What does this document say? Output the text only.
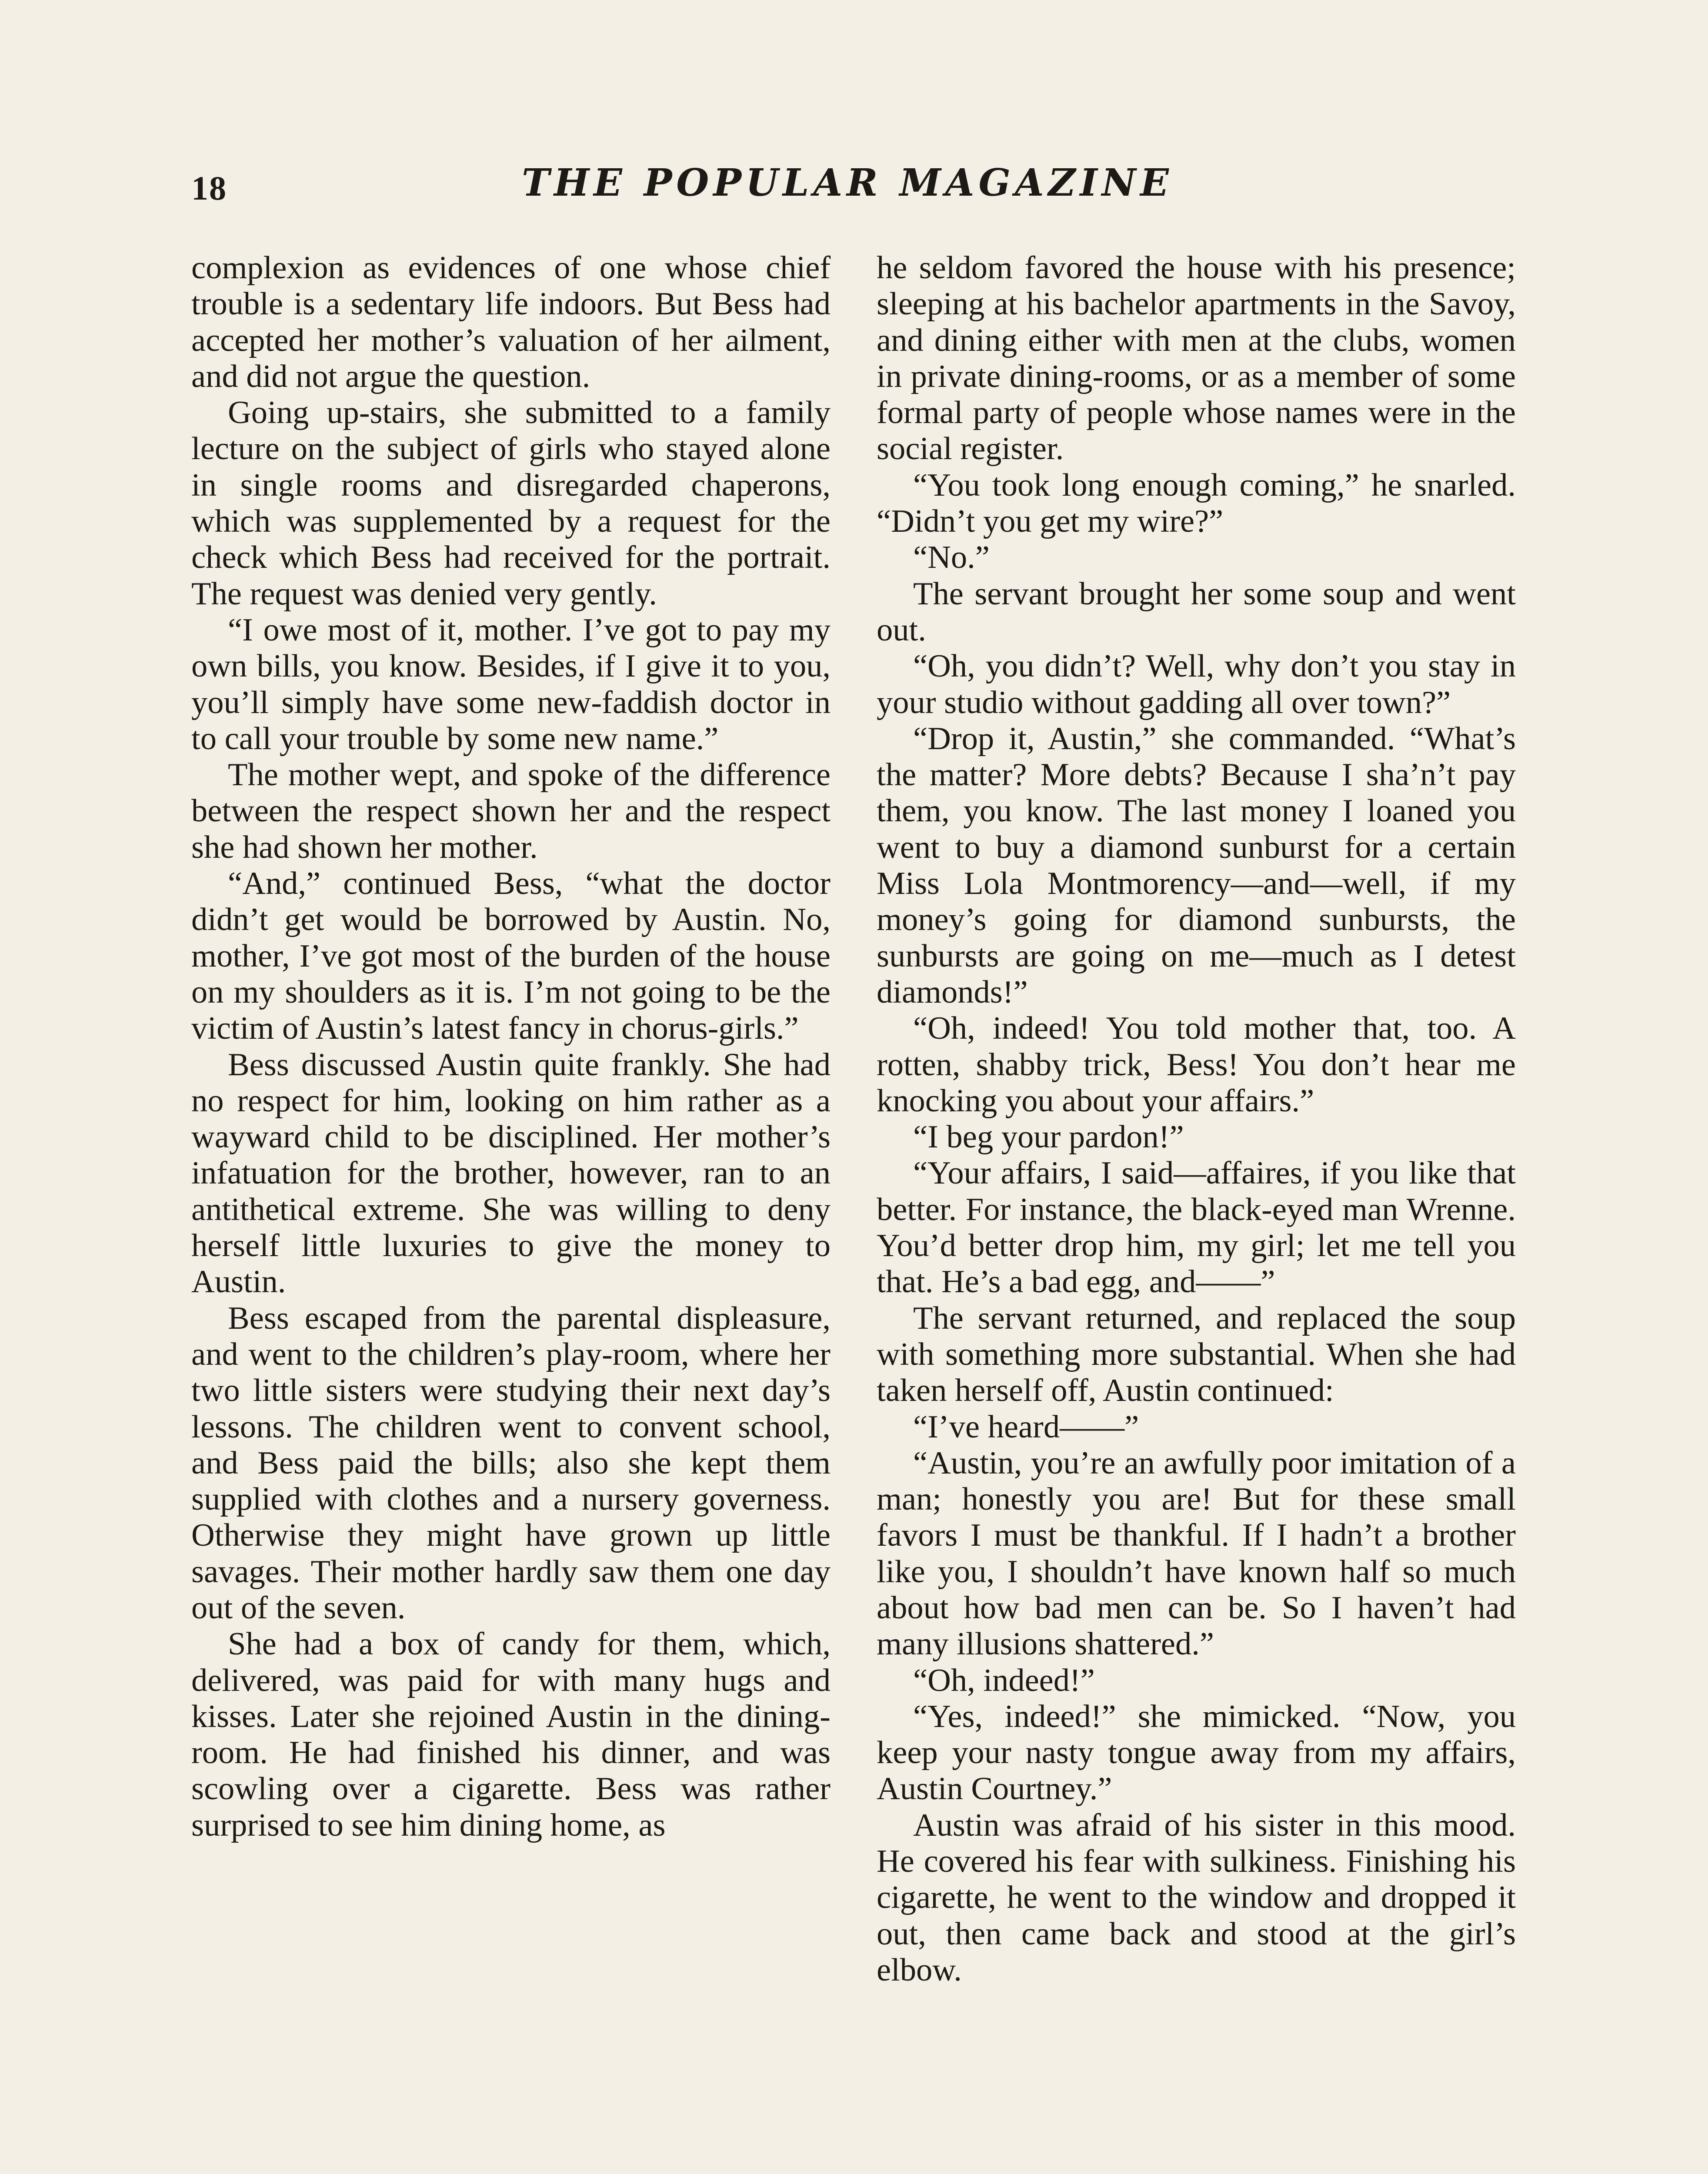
18	THE POPULAR MAGAZINE

complexion as evidences of one whose chief trouble is a sedentary life indoors. But Bess had accepted her mother’s valuation of her ailment, and did not argue the question.

Going up-stairs, she submitted to a family lecture on the subject of girls who stayed alone in single rooms and disregarded chaperons, which was supplemented by a request for the check which Bess had received for the portrait. The request was denied very gently.

“I owe most of it, mother. I’ve got to pay my own bills, you know. Besides, if I give it to you, you’ll simply have some new-faddish doctor in to call your trouble by some new name.”

The mother wept, and spoke of the difference between the respect shown her and the respect she had shown her mother.

“And,” continued Bess, “what the doctor didn’t get would be borrowed by Austin. No, mother, I’ve got most of the burden of the house on my shoulders as it is. I’m not going to be the victim of Austin’s latest fancy in chorus-girls.”

Bess discussed Austin quite frankly. She had no respect for him, looking on him rather as a wayward child to be disciplined. Her mother’s infatuation for the brother, however, ran to an antithetical extreme. She was willing to deny herself little luxuries to give the money to Austin.

Bess escaped from the parental displeasure, and went to the children’s play-room, where her two little sisters were studying their next day’s lessons. The children went to convent school, and Bess paid the bills; also she kept them supplied with clothes and a nursery governess. Otherwise they might have grown up little savages. Their mother hardly saw them one day out of the seven.

She had a box of candy for them, which, delivered, was paid for with many hugs and kisses. Later she rejoined Austin in the dining-room. He had finished his dinner, and was scowling over a cigarette. Bess was rather surprised to see him dining home, as

he seldom favored the house with his presence; sleeping at his bachelor apartments in the Savoy, and dining either with men at the clubs, women in private dining-rooms, or as a member of some formal party of people whose names were in the social register.

“You took long enough coming,” he snarled. “Didn’t you get my wire?”

“No.”

The servant brought her some soup and went out.

“Oh, you didn’t? Well, why don’t you stay in your studio without gadding all over town?”

“Drop it, Austin,” she commanded. “What’s the matter? More debts? Because I sha’n’t pay them, you know. The last money I loaned you went to buy a diamond sunburst for a certain Miss Lola Montmorency—and—well, if my money’s going for diamond sunbursts, the sunbursts are going on me—much as I detest diamonds!”

“Oh, indeed! You told mother that, too. A rotten, shabby trick, Bess! You don’t hear me knocking you about your affairs.”

“I beg your pardon!”

“Your affairs, I said—affaires, if you like that better. For instance, the black-eyed man Wrenne. You’d better drop him, my girl; let me tell you that. He’s a bad egg, and——”

The servant returned, and replaced the soup with something more substantial. When she had taken herself off, Austin continued:

“I’ve heard——”

“Austin, you’re an awfully poor imitation of a man; honestly you are! But for these small favors I must be thankful. If I hadn’t a brother like you, I shouldn’t have known half so much about how bad men can be. So I haven’t had many illusions shattered.”

“Oh, indeed!”

“Yes, indeed!” she mimicked. “Now, you keep your nasty tongue away from my affairs, Austin Courtney.”

Austin was afraid of his sister in this mood. He covered his fear with sulkiness. Finishing his cigarette, he went to the window and dropped it out, then came back and stood at the girl’s elbow.
